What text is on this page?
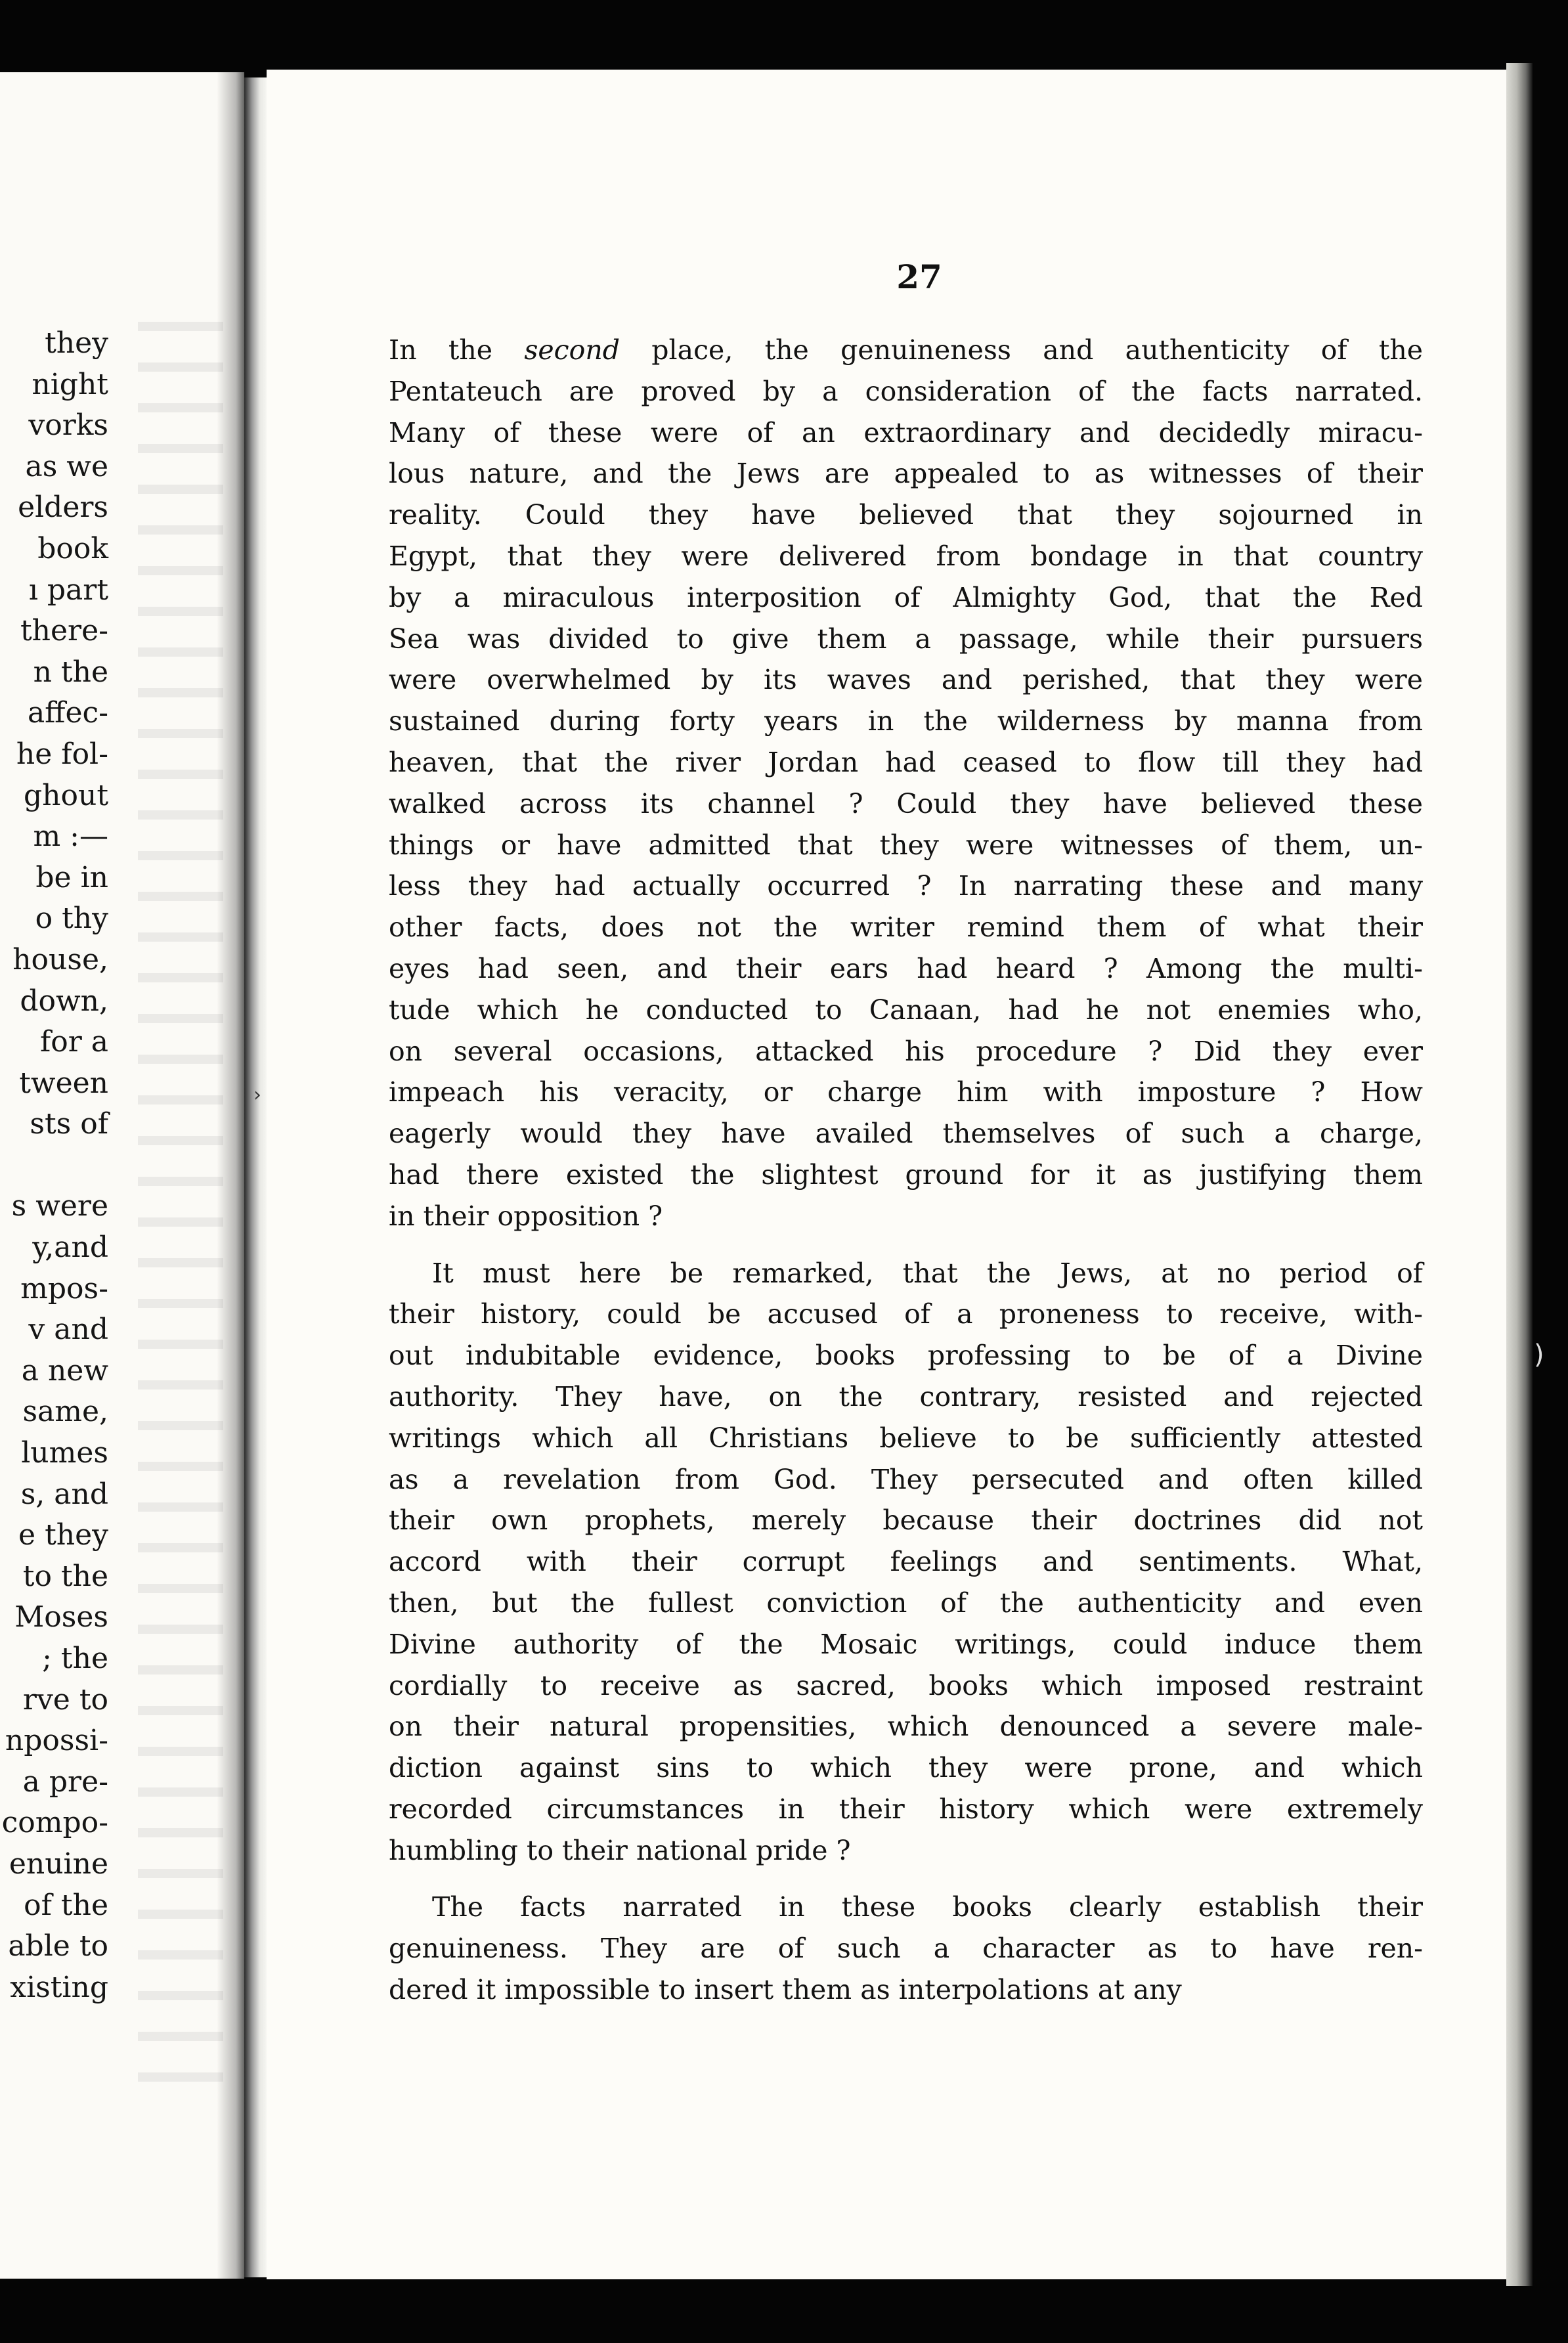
they
night
vorks
as we
elders
book
ı part
there-
n the
affec-
he fol-
ghout
m :—
be in
o thy
house,
down,
for a
tween
sts of
s were
y,and
mpos-
v and
a new
same,
lumes
s, and
e they
to the
Moses
; the
rve to
npossi-
a pre-
compo-
enuine
of the
able to
xisting
›
)
27
In the second place, the genuineness and authenticity of the
Pentateuch are proved by a consideration of the facts narrated.
Many of these were of an extraordinary and decidedly miracu-
lous nature, and the Jews are appealed to as witnesses of their
reality. Could they have believed that they sojourned in
Egypt, that they were delivered from bondage in that country
by a miraculous interposition of Almighty God, that the Red
Sea was divided to give them a passage, while their pursuers
were overwhelmed by its waves and perished, that they were
sustained during forty years in the wilderness by manna from
heaven, that the river Jordan had ceased to flow till they had
walked across its channel ? Could they have believed these
things or have admitted that they were witnesses of them, un-
less they had actually occurred ? In narrating these and many
other facts, does not the writer remind them of what their
eyes had seen, and their ears had heard ? Among the multi-
tude which he conducted to Canaan, had he not enemies who,
on several occasions, attacked his procedure ? Did they ever
impeach his veracity, or charge him with imposture ? How
eagerly would they have availed themselves of such a charge,
had there existed the slightest ground for it as justifying them
in their opposition ?
It must here be remarked, that the Jews, at no period of
their history, could be accused of a proneness to receive, with-
out indubitable evidence, books professing to be of a Divine
authority. They have, on the contrary, resisted and rejected
writings which all Christians believe to be sufficiently attested
as a revelation from God. They persecuted and often killed
their own prophets, merely because their doctrines did not
accord with their corrupt feelings and sentiments. What,
then, but the fullest conviction of the authenticity and even
Divine authority of the Mosaic writings, could induce them
cordially to receive as sacred, books which imposed restraint
on their natural propensities, which denounced a severe male-
diction against sins to which they were prone, and which
recorded circumstances in their history which were extremely
humbling to their national pride ?
The facts narrated in these books clearly establish their
genuineness. They are of such a character as to have ren-
dered it impossible to insert them as interpolations at any
